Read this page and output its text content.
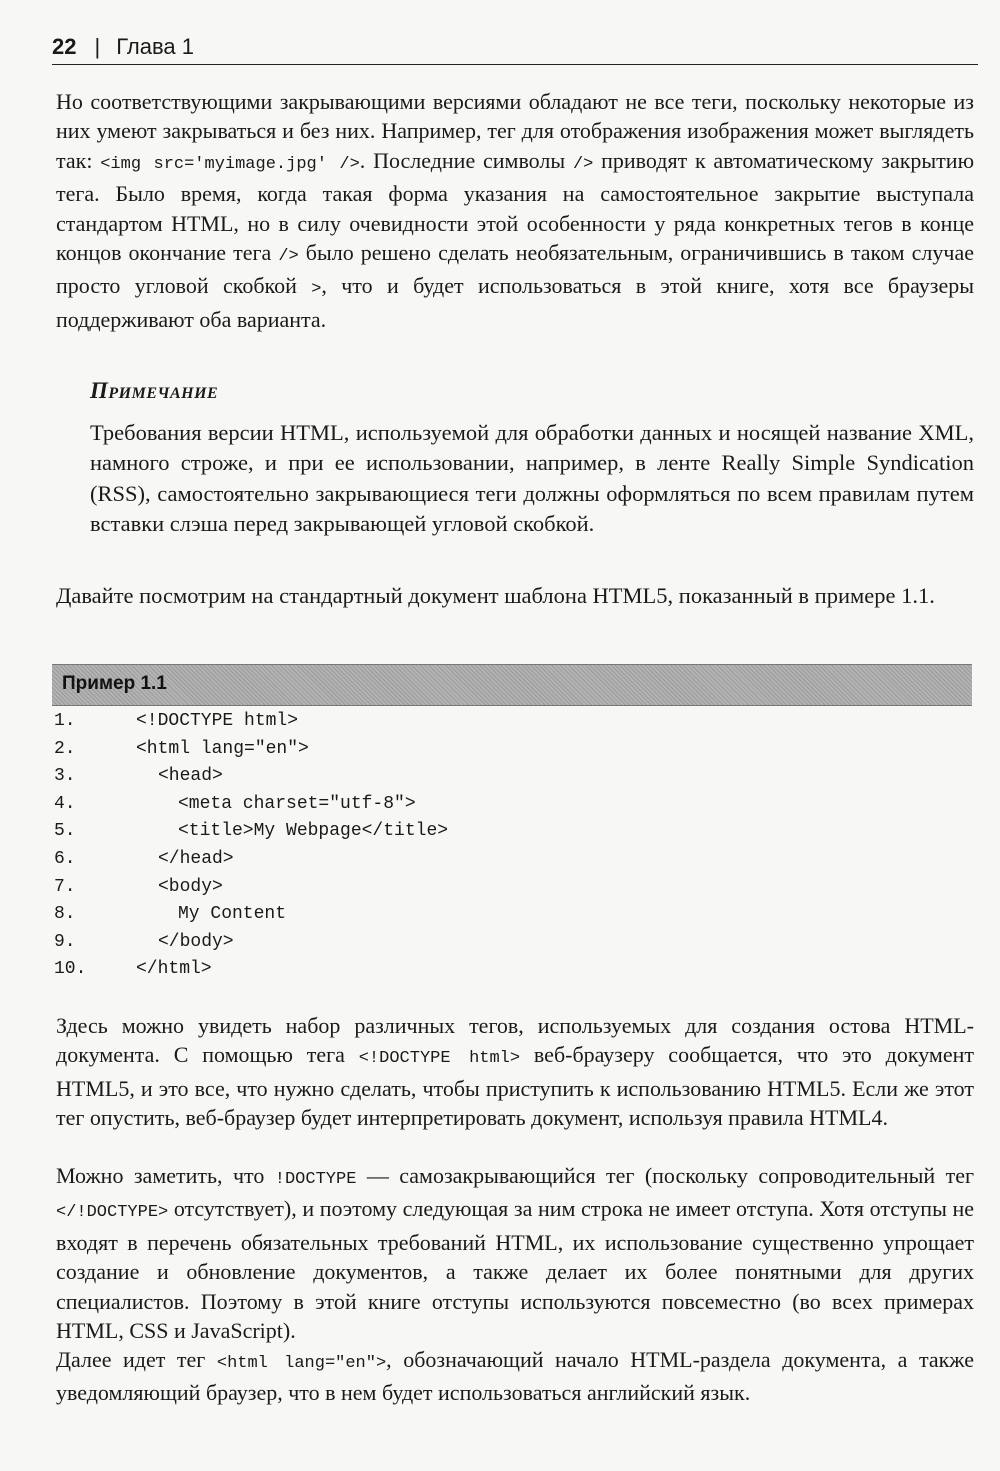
22 | Глава 1

Но соответствующими закрывающими версиями обладают не все теги, поскольку некоторые из них умеют закрываться и без них. Например, тег для отображения изображения может выглядеть так: <img src='myimage.jpg' />. Последние символы /> приводят к автоматическому закрытию тега. Было время, когда такая форма указания на самостоятельное закрытие выступала стандартом HTML, но в силу очевидности этой особенности у ряда конкретных тегов в конце концов окончание тега /> было решено сделать необязательным, ограничившись в таком случае просто угловой скобкой >, что и будет использоваться в этой книге, хотя все браузеры поддерживают оба варианта.

Примечание

Требования версии HTML, используемой для обработки данных и носящей название XML, намного строже, и при ее использовании, например, в ленте Really Simple Syndication (RSS), самостоятельно закрывающиеся теги должны оформляться по всем правилам путем вставки слэша перед закрывающей угловой скобкой.

Давайте посмотрим на стандартный документ шаблона HTML5, показанный в примере 1.1.

Пример 1.1
1.	<!DOCTYPE html>
2.	<html lang="en">
3.	<head>
4.	<meta charset="utf-8">
5.	<title>My Webpage</title>
6.	</head>
7.	<body>
8.	My Content
9.	</body>
10.	</html>

Здесь можно увидеть набор различных тегов, используемых для создания остова HTML-документа. С помощью тега <!DOCTYPE html> веб-браузеру сообщается, что это документ HTML5, и это все, что нужно сделать, чтобы приступить к использованию HTML5. Если же этот тег опустить, веб-браузер будет интерпретировать документ, используя правила HTML4.

Можно заметить, что !DOCTYPE — самозакрывающийся тег (поскольку сопроводительный тег </!DOCTYPE> отсутствует), и поэтому следующая за ним строка не имеет отступа. Хотя отступы не входят в перечень обязательных требований HTML, их использование существенно упрощает создание и обновление документов, а также делает их более понятными для других специалистов. Поэтому в этой книге отступы используются повсеместно (во всех примерах HTML, CSS и JavaScript).

Далее идет тег <html lang="en">, обозначающий начало HTML-раздела документа, а также уведомляющий браузер, что в нем будет использоваться английский язык.
